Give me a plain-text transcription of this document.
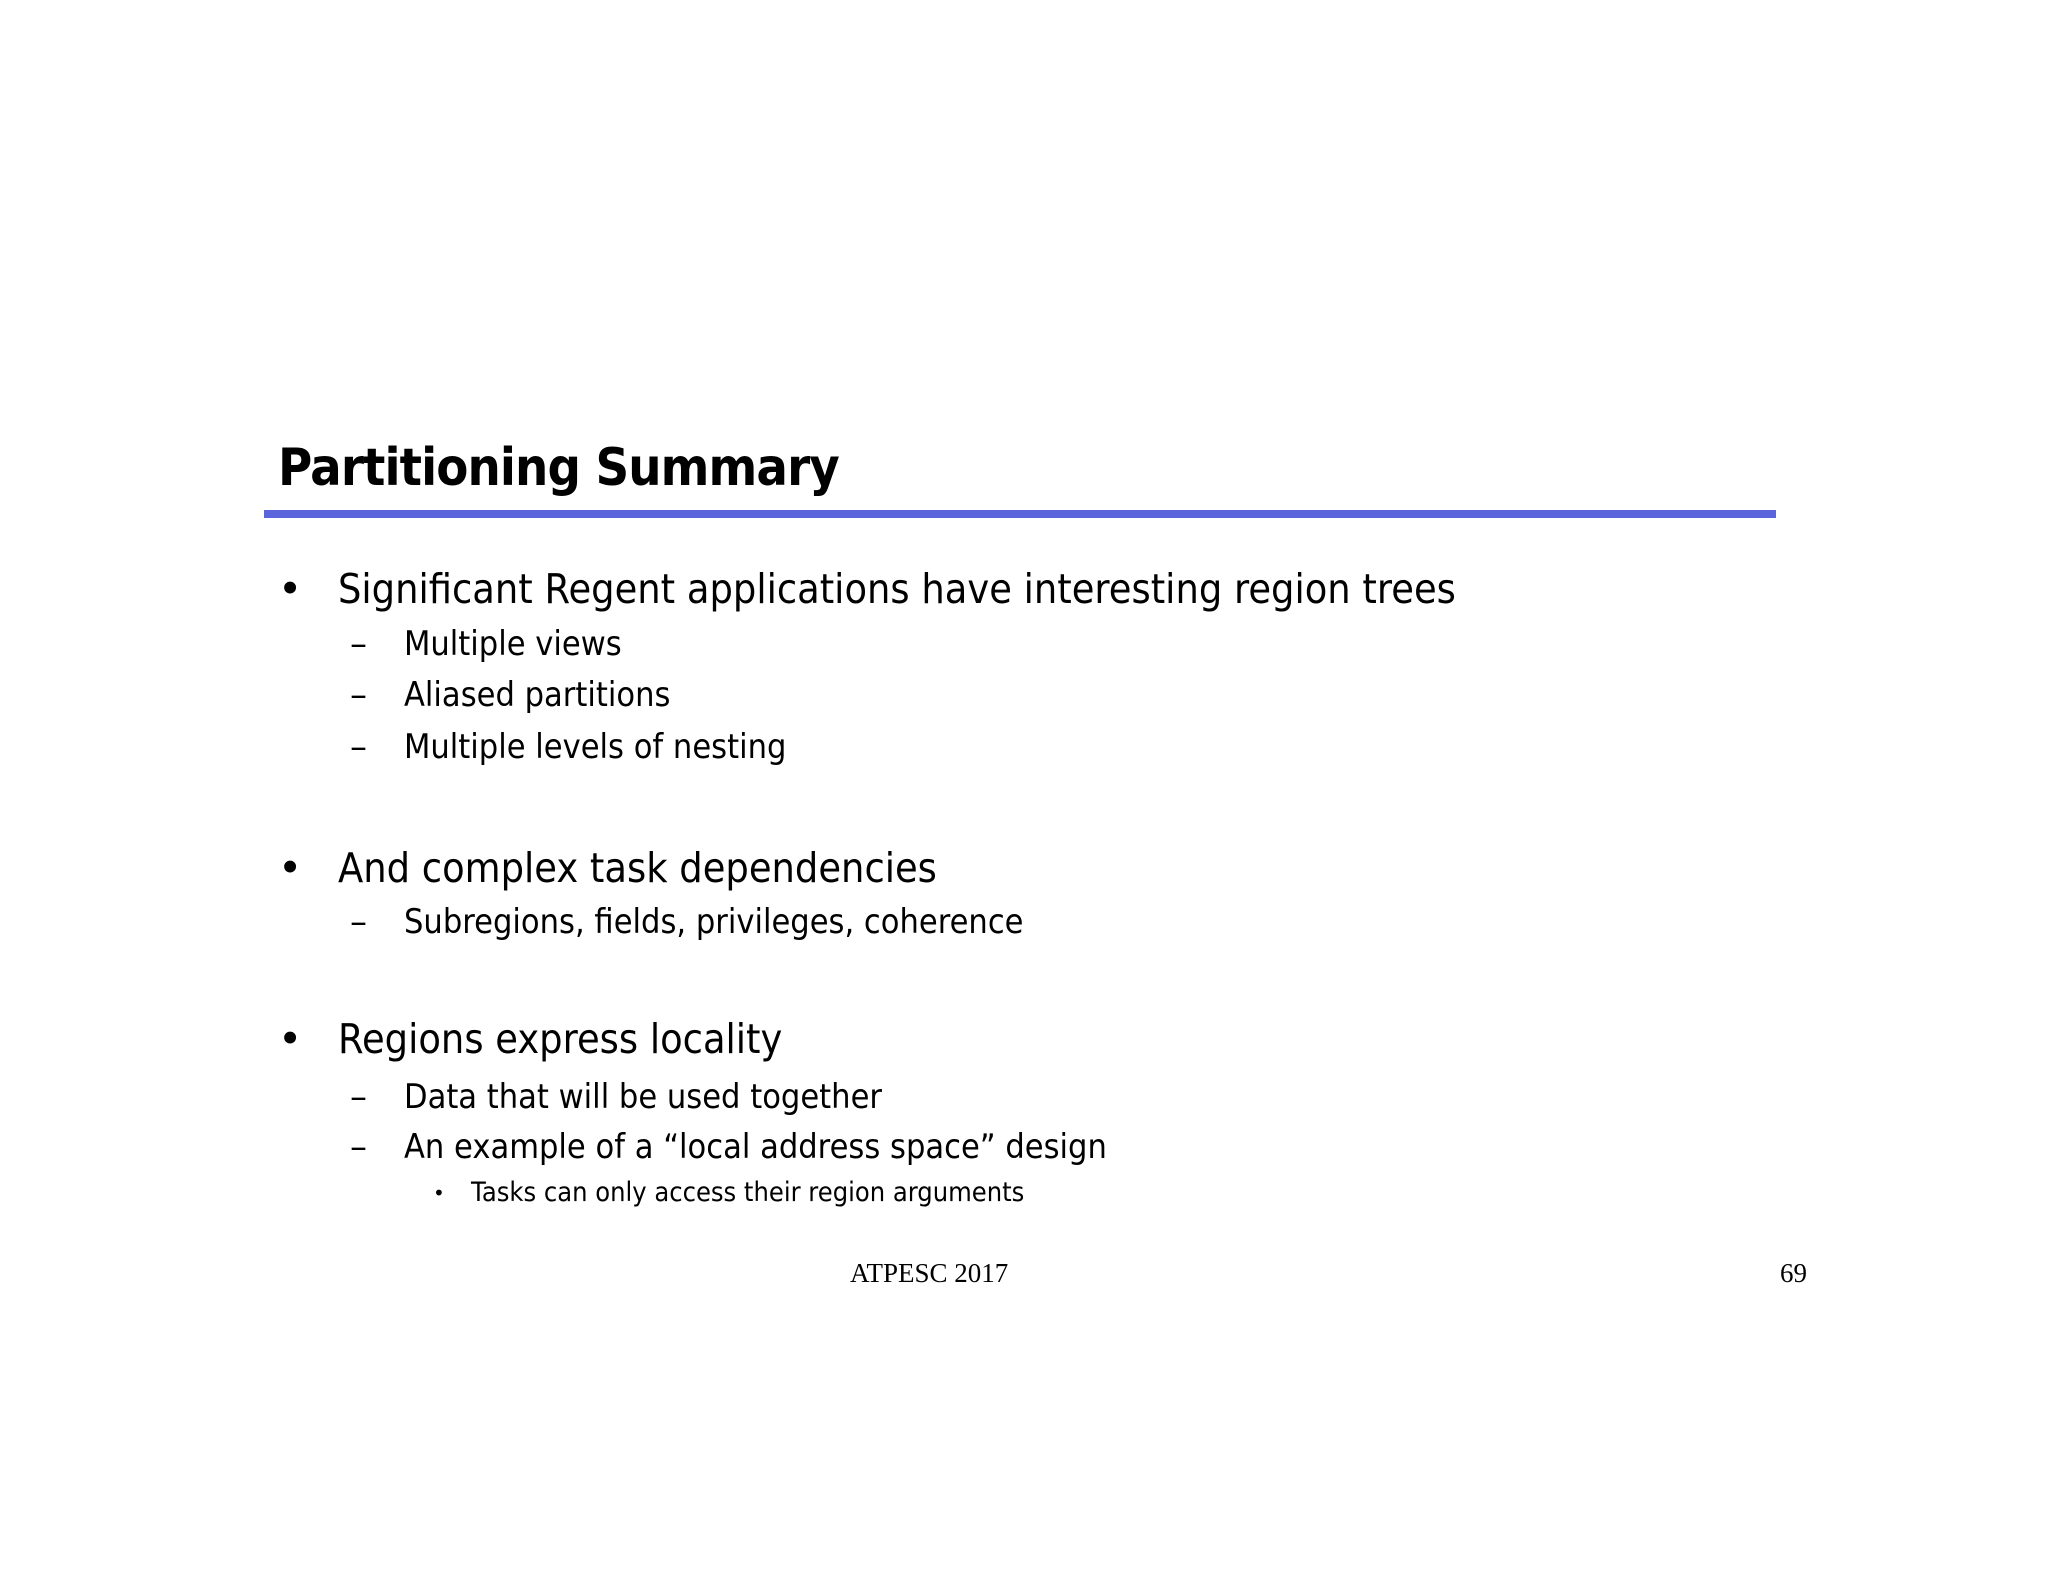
Partitioning Summary
• Significant Regent applications have interesting region trees
– Multiple views
– Aliased partitions
– Multiple levels of nesting
• And complex task dependencies
– Subregions, fields, privileges, coherence
• Regions express locality
– Data that will be used together
– An example of a “local address space” design
• Tasks can only access their region arguments
ATPESC 2017	69
